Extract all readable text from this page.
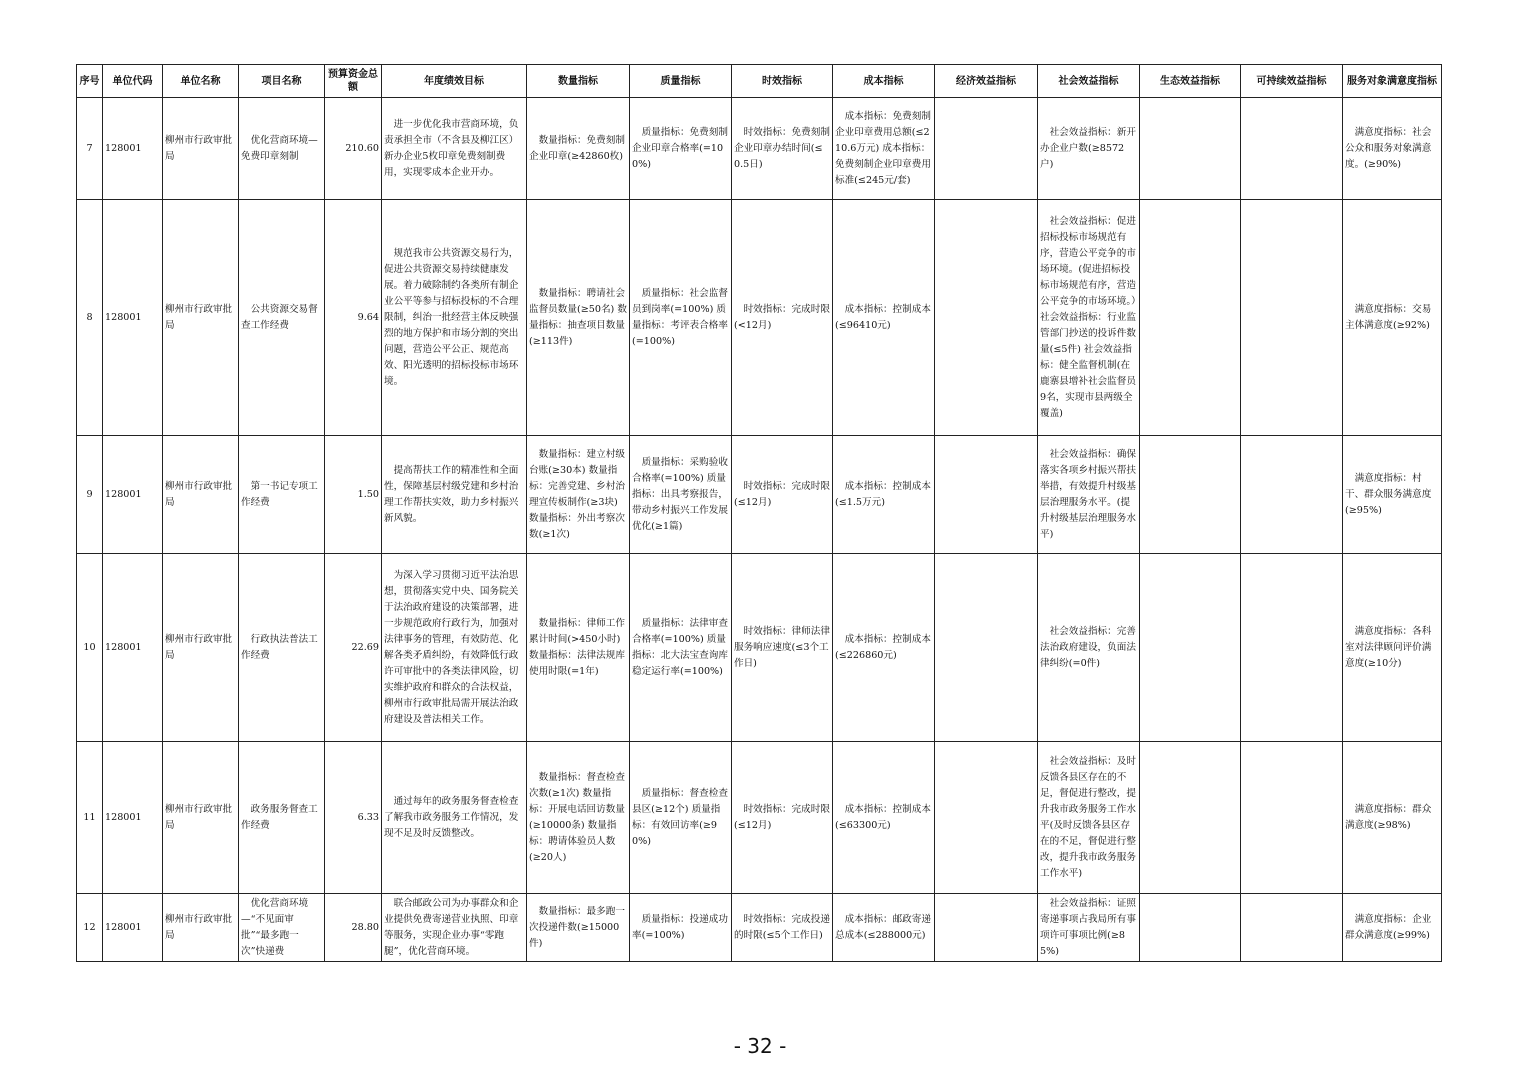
序号	单位代码	单位名称	项目名称	预算资金总额	年度绩效目标	数量指标	质量指标	时效指标	成本指标	经济效益指标	社会效益指标	生态效益指标	可持续效益指标	服务对象满意度指标
7	128001	柳州市行政审批局	优化营商环境—免费印章刻制	210.60	进一步优化我市营商环境，负责承担全市（不含县及柳江区）新办企业5枚印章免费刻制费用，实现零成本企业开办。	数量指标：免费刻制企业印章(≥42860枚)	质量指标：免费刻制企业印章合格率(=100%)	时效指标：免费刻制企业印章办结时间(≤0.5日)	成本指标：免费刻制企业印章费用总额(≤210.6万元) 成本指标：免费刻制企业印章费用标准(≤245元/套)		社会效益指标：新开办企业户数(≥8572户)			满意度指标：社会公众和服务对象满意度。(≥90%)

8	128001	柳州市行政审批局	公共资源交易督查工作经费	9.64	规范我市公共资源交易行为，促进公共资源交易持续健康发展。着力破除制约各类所有制企业公平等参与招标投标的不合理限制，纠治一批经营主体反映强烈的地方保护和市场分割的突出问题，营造公平公正、规范高效、阳光透明的招标投标市场环境。	数量指标：聘请社会监督员数量(≥50名) 数量指标：抽查项目数量(≥113件)	质量指标：社会监督员到岗率(=100%) 质量指标：考评表合格率(=100%)	时效指标：完成时限(<12月)	成本指标：控制成本(≤96410元)		社会效益指标：促进招标投标市场规范有序，营造公平竞争的市场环境。(促进招标投标市场规范有序，营造公平竞争的市场环境。）社会效益指标：行业监管部门抄送的投诉件数量(≤5件) 社会效益指标：健全监督机制(在鹿寨县增补社会监督员9名，实现市县两级全覆盖)			满意度指标：交易主体满意度(≥92%)

9	128001	柳州市行政审批局	第一书记专项工作经费	1.50	提高帮扶工作的精准性和全面性，保障基层村级党建和乡村治理工作帮扶实效，助力乡村振兴新风貌。	数量指标：建立村级台账(≥30本) 数量指标：完善党建、乡村治理宣传板制作(≥3块) 数量指标：外出考察次数(≥1次)	质量指标：采购验收合格率(=100%) 质量指标：出具考察报告，带动乡村振兴工作发展优化(≥1篇)	时效指标：完成时限(≤12月)	成本指标：控制成本(≤1.5万元)		社会效益指标：确保落实各项乡村振兴帮扶举措，有效提升村级基层治理服务水平。(提升村级基层治理服务水平)			满意度指标：村干、群众服务满意度(≥95%)

10	128001	柳州市行政审批局	行政执法普法工作经费	22.69	为深入学习贯彻习近平法治思想，贯彻落实党中央、国务院关于法治政府建设的决策部署，进一步规范政府行政行为，加强对法律事务的管理，有效防范、化解各类矛盾纠纷，有效降低行政许可审批中的各类法律风险，切实维护政府和群众的合法权益，柳州市行政审批局需开展法治政府建设及普法相关工作。	数量指标：律师工作累计时间(>450小时) 数量指标：法律法规库使用时限(=1年)	质量指标：法律审查合格率(=100%) 质量指标：北大法宝查询库稳定运行率(=100%)	时效指标：律师法律服务响应速度(≤3个工作日)	成本指标：控制成本(≤226860元)		社会效益指标：完善法治政府建设，负面法律纠纷(=0件)			满意度指标：各科室对法律顾问评价满意度(≥10分)

11	128001	柳州市行政审批局	政务服务督查工作经费	6.33	通过每年的政务服务督查检查了解我市政务服务工作情况，发现不足及时反馈整改。	数量指标：督查检查次数(≥1次) 数量指标：开展电话回访数量(≥10000条) 数量指标：聘请体验员人数(≥20人)	质量指标：督查检查县区(≥12个) 质量指标：有效回访率(≥90%)	时效指标：完成时限(≤12月)	成本指标：控制成本(≤63300元)		社会效益指标：及时反馈各县区存在的不足，督促进行整改，提升我市政务服务工作水平(及时反馈各县区存在的不足，督促进行整改，提升我市政务服务工作水平)			满意度指标：群众满意度(≥98%)

12	128001	柳州市行政审批局	优化营商环境—“不见面审批”“最多跑一次”快递费	28.80	联合邮政公司为办事群众和企业提供免费寄递营业执照、印章等服务，实现企业办事“零跑腿”，优化营商环境。	数量指标：最多跑一次投递件数(≥15000件)	质量指标：投递成功率(=100%)	时效指标：完成投递的时限(≤5个工作日)	成本指标：邮政寄递总成本(≤288000元)		社会效益指标：证照寄递事项占我局所有事项许可事项比例(≥85%)			满意度指标：企业群众满意度(≥99%)
- 32 -
